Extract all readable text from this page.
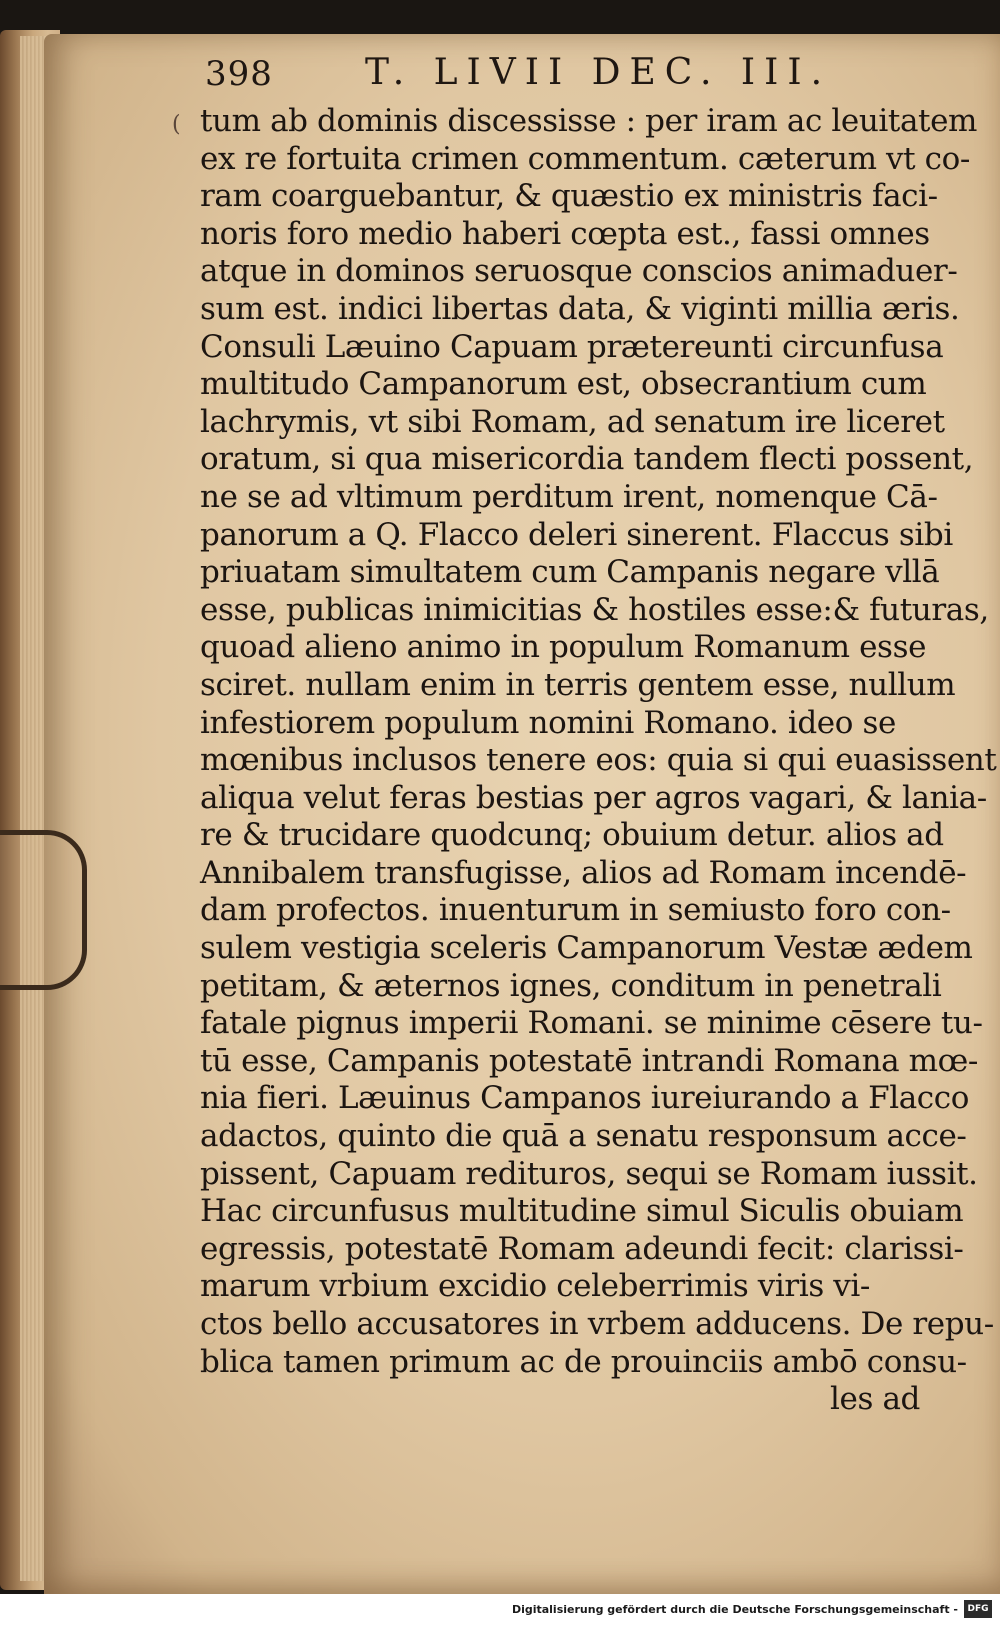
(
398	T. LIVII DEC. III.
tum ab dominis discessisse : per iram ac leuitatem
ex re fortuita crimen commentum. cæterum vt co-
ram coarguebantur, & quæstio ex ministris faci-
noris foro medio haberi cœpta est., fassi omnes
atque in dominos seruosque conscios animaduer-
sum est. indici libertas data, & viginti millia æris.
Consuli Læuino Capuam prætereunti circunfusa
multitudo Campanorum est, obsecrantium cum
lachrymis, vt sibi Romam, ad senatum ire liceret
oratum, si qua misericordia tandem flecti possent,
ne se ad vltimum perditum irent, nomenque Cā-
panorum a Q. Flacco deleri sinerent. Flaccus sibi
priuatam simultatem cum Campanis negare vllā
esse, publicas inimicitias & hostiles esse:& futuras,
quoad alieno animo in populum Romanum esse
sciret. nullam enim in terris gentem esse, nullum
infestiorem populum nomini Romano. ideo se
mœnibus inclusos tenere eos: quia si qui euasissent
aliqua velut feras bestias per agros vagari, & lania-
re & trucidare quodcunq; obuium detur. alios ad
Annibalem transfugisse, alios ad Romam incendē-
dam profectos. inuenturum in semiusto foro con-
sulem vestigia sceleris Campanorum Vestæ ædem
petitam, & æternos ignes, conditum in penetrali
fatale pignus imperii Romani. se minime cēsere tu-
tū esse, Campanis potestatē intrandi Romana mœ-
nia fieri. Læuinus Campanos iureiurando a Flacco
adactos, quinto die quā a senatu responsum acce-
pissent, Capuam redituros, sequi se Romam iussit.
Hac circunfusus multitudine simul Siculis obuiam
egressis, potestatē Romam adeundi fecit: clarissi-
marum vrbium excidio celeberrimis viris vi-
ctos bello accusatores in vrbem adducens. De repu-
blica tamen primum ac de prouinciis ambō consu-
les ad
Digitalisierung gefördert durch die Deutsche Forschungsgemeinschaft -	DFG
